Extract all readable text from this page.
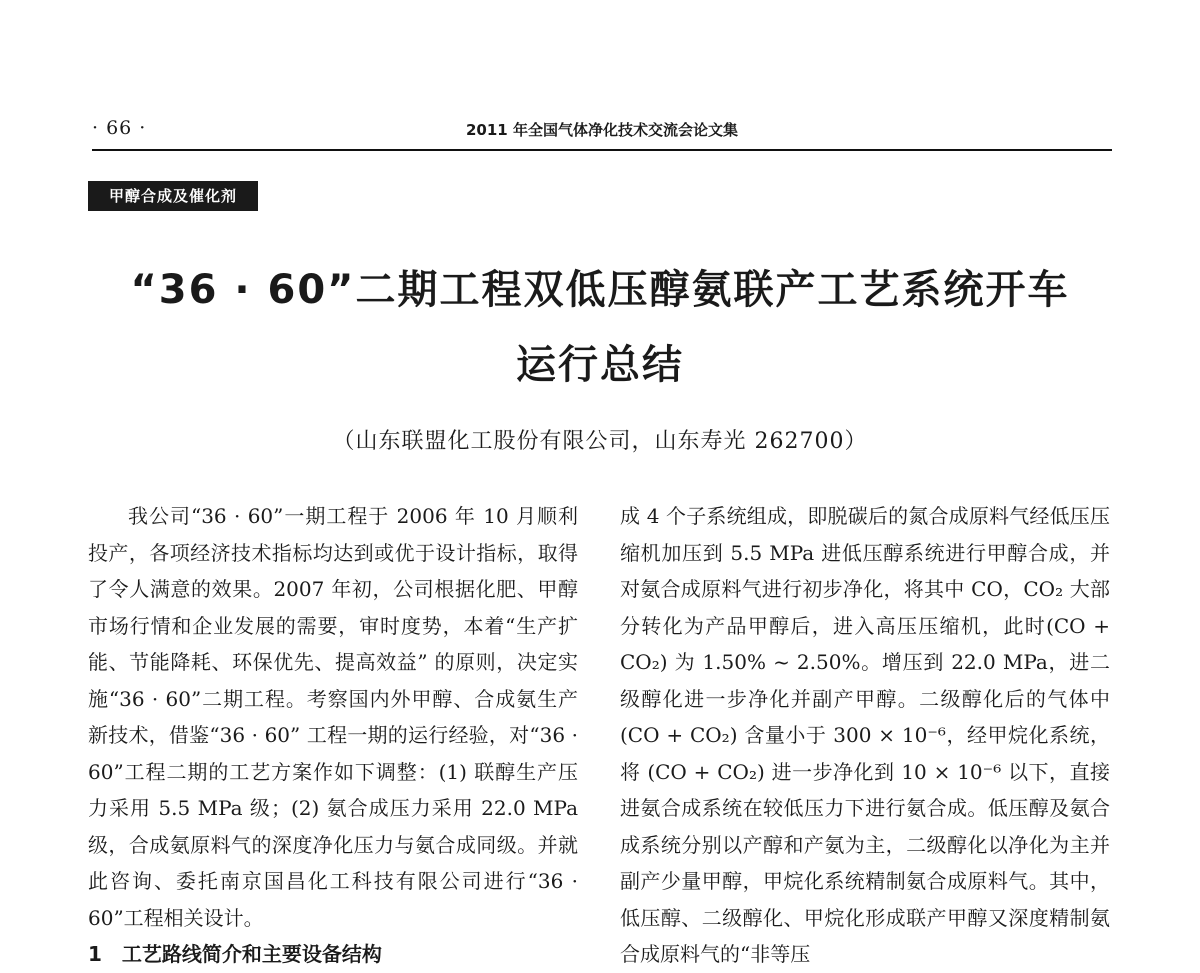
· 66 ·	2011 年全国气体净化技术交流会论文集
甲醇合成及催化剂
“36 · 60”二期工程双低压醇氨联产工艺系统开车
运行总结
（山东联盟化工股份有限公司，山东寿光 262700）

我公司“36 · 60”一期工程于 2006 年 10 月顺利投产，各项经济技术指标均达到或优于设计指标，取得了令人满意的效果。2007 年初，公司根据化肥、甲醇市场行情和企业发展的需要，审时度势，本着“生产扩能、节能降耗、环保优先、提高效益” 的原则，决定实施“36 · 60”二期工程。考察国内外甲醇、合成氨生产新技术，借鉴“36 · 60” 工程一期的运行经验，对“36 · 60”工程二期的工艺方案作如下调整：(1) 联醇生产压力采用 5.5 MPa 级；(2) 氨合成压力采用 22.0 MPa 级，合成氨原料气的深度净化压力与氨合成同级。并就此咨询、委托南京国昌化工科技有限公司进行“36 · 60”工程相关设计。

1　工艺路线简介和主要设备结构

成 4 个子系统组成，即脱碳后的氮合成原料气经低压压缩机加压到 5.5 MPa 进低压醇系统进行甲醇合成，并对氨合成原料气进行初步净化，将其中 CO，CO₂ 大部分转化为产品甲醇后，进入高压压缩机，此时(CO + CO₂) 为 1.50% ~ 2.50%。增压到 22.0 MPa，进二级醇化进一步净化并副产甲醇。二级醇化后的气体中 (CO + CO₂) 含量小于 300 × 10⁻⁶，经甲烷化系统，将 (CO + CO₂) 进一步净化到 10 × 10⁻⁶ 以下，直接进氨合成系统在较低压力下进行氨合成。低压醇及氨合成系统分别以产醇和产氨为主，二级醇化以净化为主并副产少量甲醇，甲烷化系统精制氨合成原料气。其中，低压醇、二级醇化、甲烷化形成联产甲醇又深度精制氨合成原料气的“非等压
